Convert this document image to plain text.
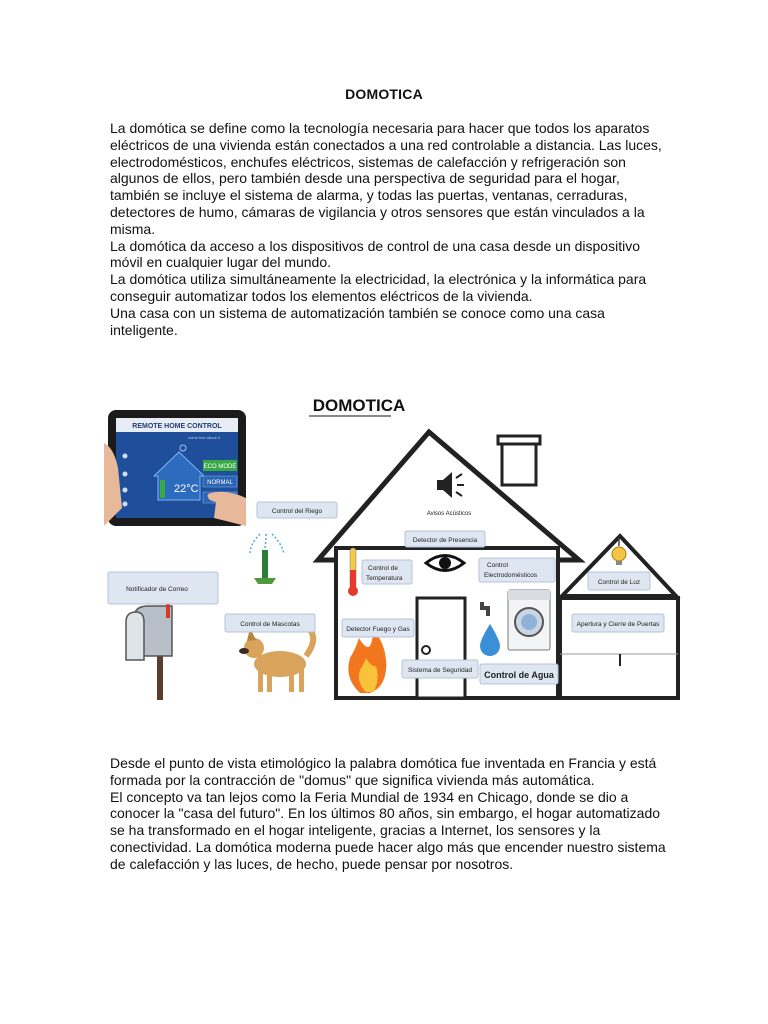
DOMOTICA

La domótica se define como la tecnología necesaria para hacer que todos los aparatos eléctricos de una vivienda están conectados a una red controlable a distancia. Las luces, electrodomésticos, enchufes eléctricos, sistemas de calefacción y refrigeración son algunos de ellos, pero también desde una perspectiva de seguridad para el hogar, también se incluye el sistema de alarma, y todas las puertas, ventanas, cerraduras, detectores de humo, cámaras de vigilancia y otros sensores que están vinculados a la misma.

La domótica da acceso a los dispositivos de control de una casa desde un dispositivo móvil en cualquier lugar del mundo.

La domótica utiliza simultáneamente la electricidad, la electrónica y la informática para conseguir automatizar todos los elementos eléctricos de la vivienda.

Una casa con un sistema de automatización también se conoce como una casa inteligente.

DOMOTICA
REMOTE HOME CONTROL
some text about it
22°C
ECO MODE
NORMAL
Control del Riego	Avisos Acústicos
Detector de Presencia
Control de
Temperatura
Control
Electrodomésticos
Control de Luz
Notificador de Correo
Control de Mascotas
Detector Fuego y Gas
Apertura y Cierre de Puertas
Sistema de Seguridad Control de Agua

Desde el punto de vista etimológico la palabra domótica fue inventada en Francia y está formada por la contracción de "domus" que significa vivienda más automática.

El concepto va tan lejos como la Feria Mundial de 1934 en Chicago, donde se dio a conocer la "casa del futuro". En los últimos 80 años, sin embargo, el hogar automatizado se ha transformado en el hogar inteligente, gracias a Internet, los sensores y la conectividad. La domótica moderna puede hacer algo más que encender nuestro sistema de calefacción y las luces, de hecho, puede pensar por nosotros.
